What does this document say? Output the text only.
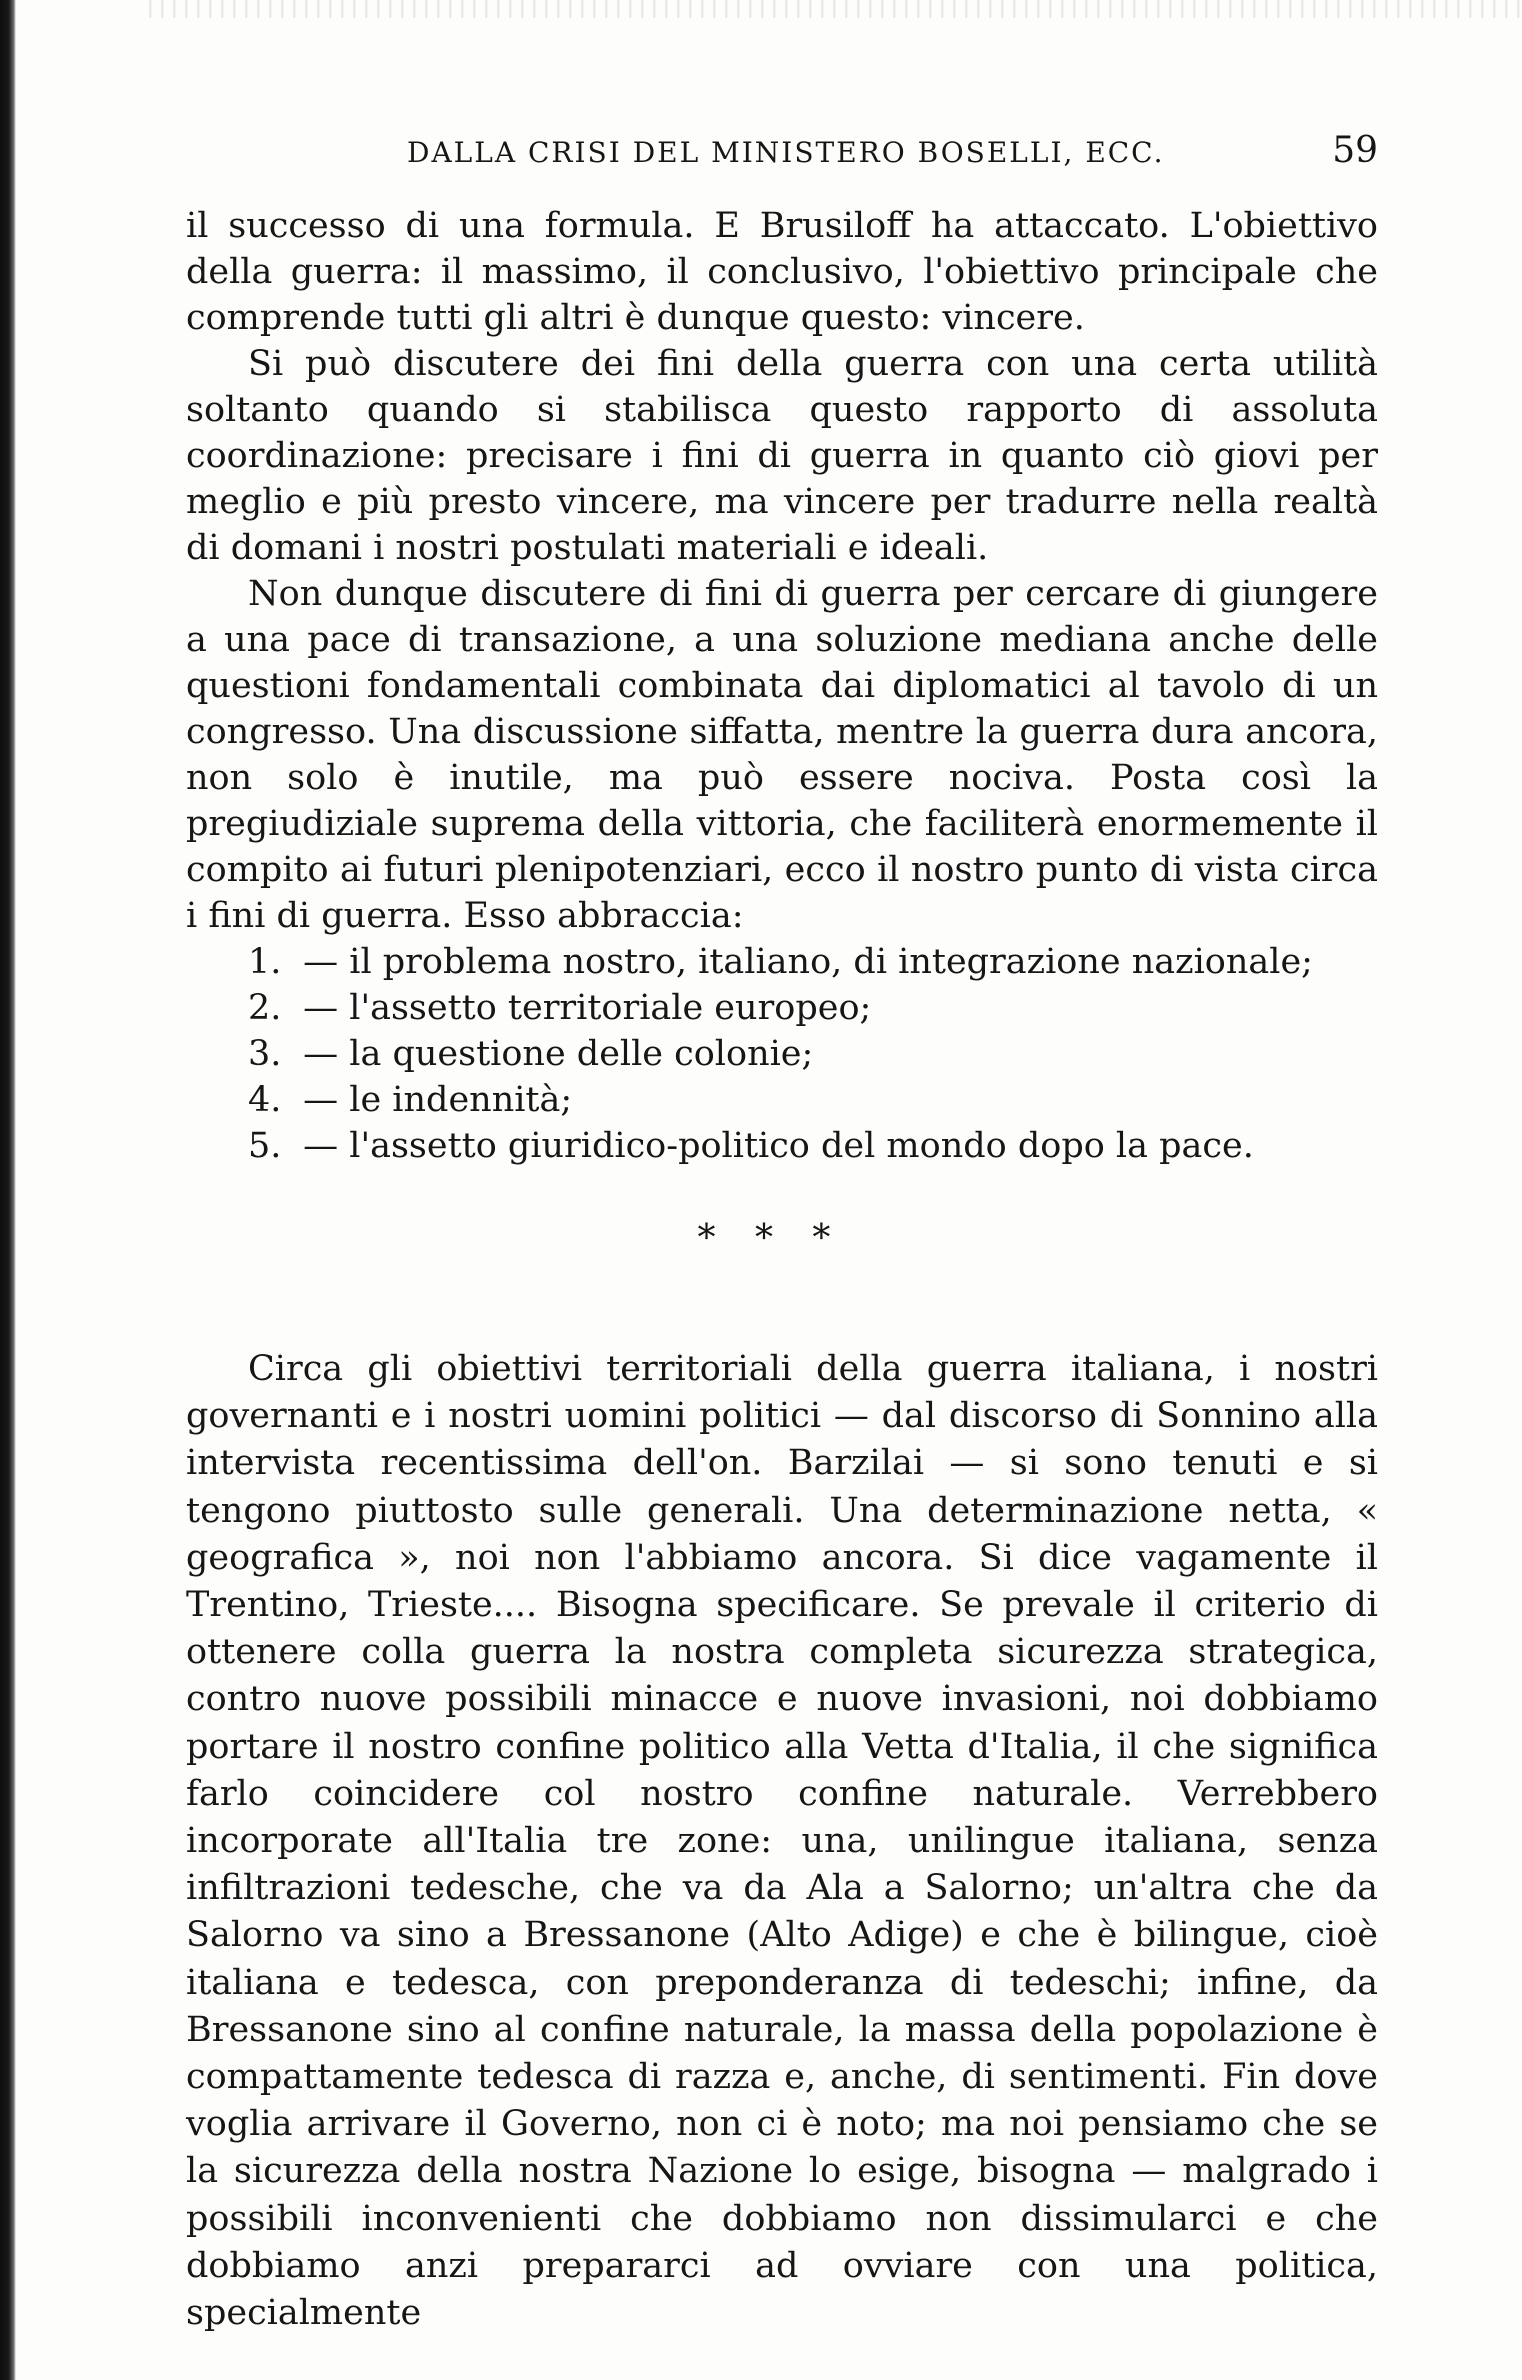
DALLA CRISI DEL MINISTERO BOSELLI, ECC.	59

il successo di una formula. E Brusiloff ha attaccato. L'obiettivo della guerra: il massimo, il conclusivo, l'obiettivo principale che comprende tutti gli altri è dunque questo: vincere.

Si può discutere dei fini della guerra con una certa utilità soltanto quando si stabilisca questo rapporto di assoluta coordinazione: precisare i fini di guerra in quanto ciò giovi per meglio e più presto vincere, ma vincere per tradurre nella realtà di domani i nostri postulati materiali e ideali.

Non dunque discutere di fini di guerra per cercare di giungere a una pace di transazione, a una soluzione mediana anche delle questioni fondamentali combinata dai diplomatici al tavolo di un congresso. Una discussione siffatta, mentre la guerra dura ancora, non solo è inutile, ma può essere nociva. Posta così la pregiudiziale suprema della vittoria, che faciliterà enormemente il compito ai futuri plenipotenziari, ecco il nostro punto di vista circa i fini di guerra. Esso abbraccia:

1. — il problema nostro, italiano, di integrazione nazionale;
2. — l'assetto territoriale europeo;
3. — la questione delle colonie;
4. — le indennità;
5. — l'assetto giuridico-politico del mondo dopo la pace.
* * *

Circa gli obiettivi territoriali della guerra italiana, i nostri governanti e i nostri uomini politici — dal discorso di Sonnino alla intervista recentissima dell'on. Barzilai — si sono tenuti e si tengono piuttosto sulle generali. Una determinazione netta, « geografica », noi non l'abbiamo ancora. Si dice vagamente il Trentino, Trieste.... Bisogna specificare. Se prevale il criterio di ottenere colla guerra la nostra completa sicurezza strategica, contro nuove possibili minacce e nuove invasioni, noi dobbiamo portare il nostro confine politico alla Vetta d'Italia, il che significa farlo coincidere col nostro confine naturale. Verrebbero incorporate all'Italia tre zone: una, unilingue italiana, senza infiltrazioni tedesche, che va da Ala a Salorno; un'altra che da Salorno va sino a Bressanone (Alto Adige) e che è bilingue, cioè italiana e tedesca, con preponderanza di tedeschi; infine, da Bressanone sino al confine naturale, la massa della popolazione è compattamente tedesca di razza e, anche, di sentimenti. Fin dove voglia arrivare il Governo, non ci è noto; ma noi pensiamo che se la sicurezza della nostra Nazione lo esige, bisogna — malgrado i possibili inconvenienti che dobbiamo non dissimularci e che dobbiamo anzi prepararci ad ovviare con una politica, specialmente
